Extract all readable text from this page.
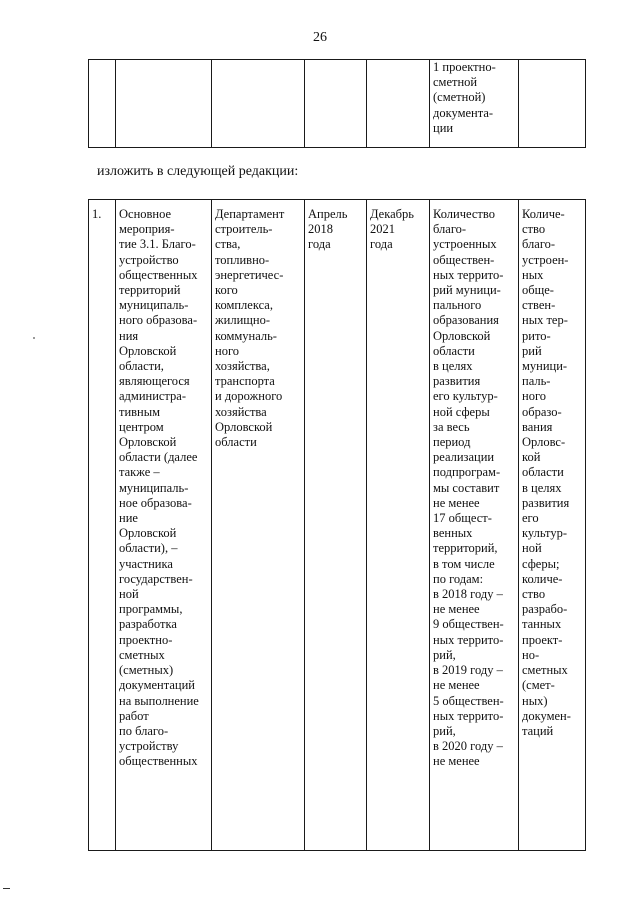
26
					1 проектно-
сметной
(сметной)
документа-
ции	
изложить в следующей редакции:
1.	Основное
мероприя-
тие 3.1. Благо-
устройство
общественных
территорий
муниципаль-
ного образова-
ния
Орловской
области,
являющегося
администра-
тивным
центром
Орловской
области (далее
также –
муниципаль-
ное образова-
ние
Орловской
области), –
участника
государствен-
ной
программы,
разработка
проектно-
сметных
(сметных)
документаций
на выполнение
работ
по благо-
устройству
общественных	Департамент
строитель-
ства,
топливно-
энергетичес-
кого
комплекса,
жилищно-
коммуналь-
ного
хозяйства,
транспорта
и дорожного
хозяйства
Орловской
области	Апрель
2018
года	Декабрь
2021
года	Количество
благо-
устроенных
обществен-
ных террито-
рий муници-
пального
образования
Орловской
области
в целях
развития
его культур-
ной сферы
за весь
период
реализации
подпрограм-
мы составит
не менее
17 общест-
венных
территорий,
в том числе
по годам:
в 2018 году –
не менее
9 обществен-
ных террито-
рий,
в 2019 году –
не менее
5 обществен-
ных террито-
рий,
в 2020 году –
не менее	Количе-
ство
благо-
устроен-
ных
обще-
ствен-
ных тер-
рито-
рий
муници-
паль-
ного
образо-
вания
Орловс-
кой
области
в целях
развития
его
культур-
ной
сферы;
количе-
ство
разрабо-
танных
проект-
но-
сметных
(смет-
ных)
докумен-
таций
